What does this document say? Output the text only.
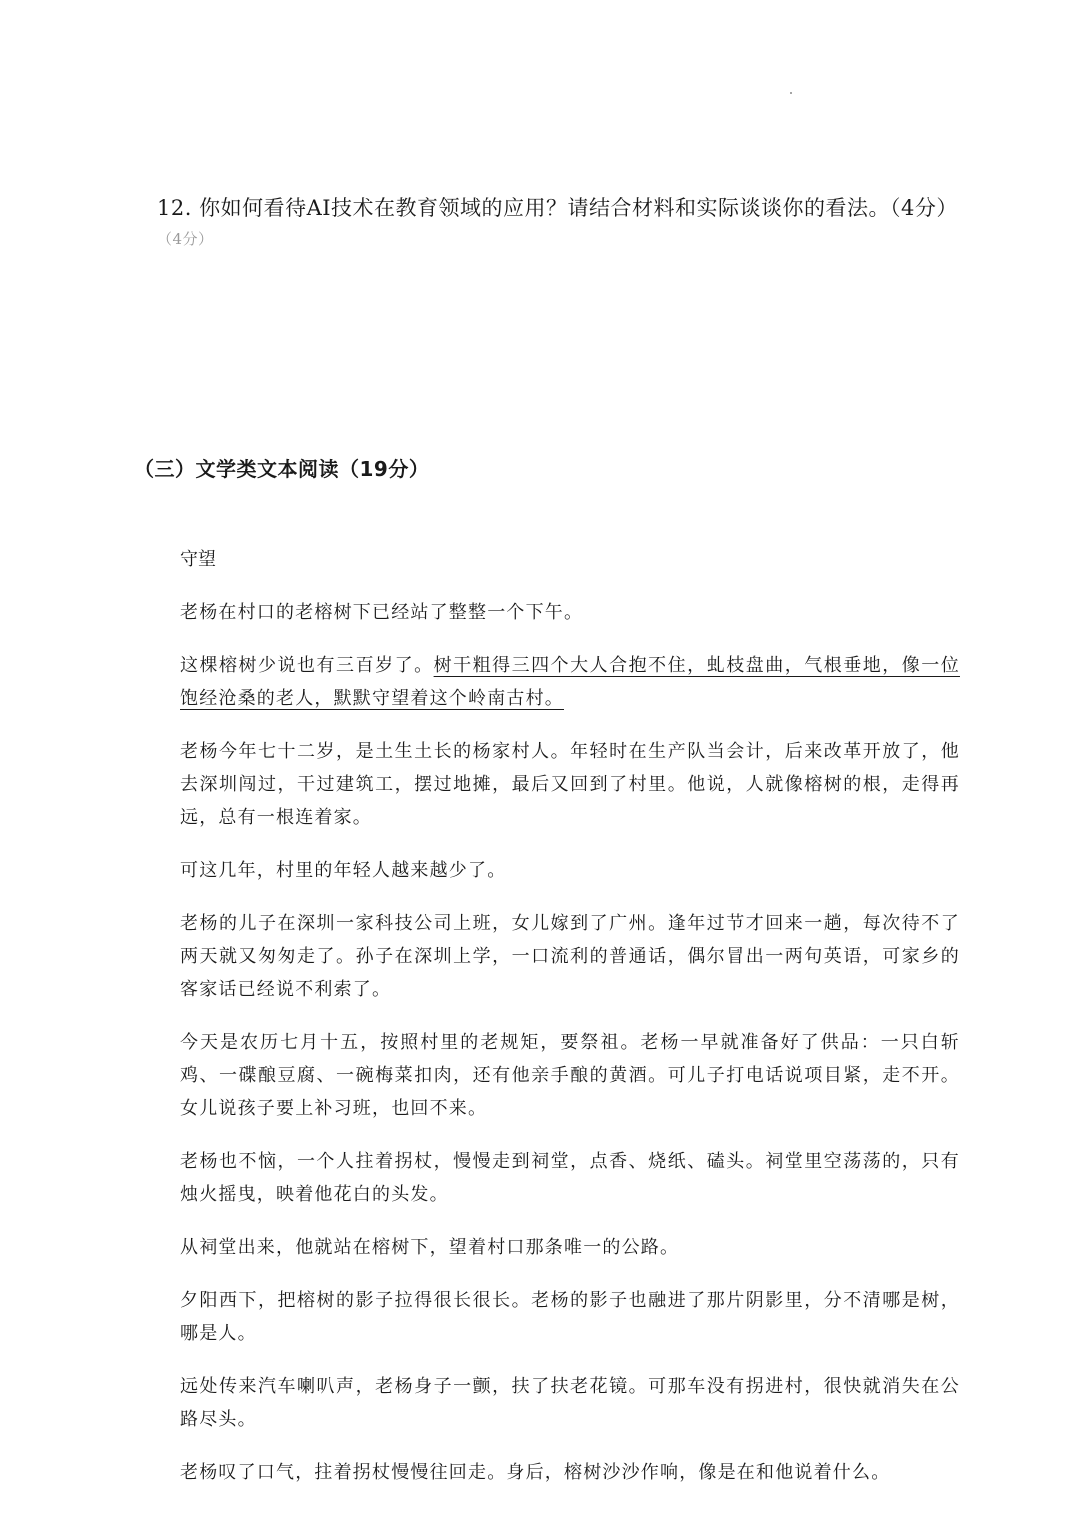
12. 你如何看待AI技术在教育领域的应用？请结合材料和实际谈谈你的看法。（4分）
（4分）
（三）文学类文本阅读（19分）
守望

老杨在村口的老榕树下已经站了整整一个下午。

这棵榕树少说也有三百岁了。树干粗得三四个大人合抱不住，虬枝盘曲，气根垂地，像一位饱经沧桑的老人，默默守望着这个岭南古村。

老杨今年七十二岁，是土生土长的杨家村人。年轻时在生产队当会计，后来改革开放了，他去深圳闯过，干过建筑工，摆过地摊，最后又回到了村里。他说，人就像榕树的根，走得再远，总有一根连着家。

可这几年，村里的年轻人越来越少了。

老杨的儿子在深圳一家科技公司上班，女儿嫁到了广州。逢年过节才回来一趟，每次待不了两天就又匆匆走了。孙子在深圳上学，一口流利的普通话，偶尔冒出一两句英语，可家乡的客家话已经说不利索了。

今天是农历七月十五，按照村里的老规矩，要祭祖。老杨一早就准备好了供品：一只白斩鸡、一碟酿豆腐、一碗梅菜扣肉，还有他亲手酿的黄酒。可儿子打电话说项目紧，走不开。女儿说孩子要上补习班，也回不来。

老杨也不恼，一个人拄着拐杖，慢慢走到祠堂，点香、烧纸、磕头。祠堂里空荡荡的，只有烛火摇曳，映着他花白的头发。

从祠堂出来，他就站在榕树下，望着村口那条唯一的公路。

夕阳西下，把榕树的影子拉得很长很长。老杨的影子也融进了那片阴影里，分不清哪是树，哪是人。

远处传来汽车喇叭声，老杨身子一颤，扶了扶老花镜。可那车没有拐进村，很快就消失在公路尽头。

老杨叹了口气，拄着拐杖慢慢往回走。身后，榕树沙沙作响，像是在和他说着什么。
